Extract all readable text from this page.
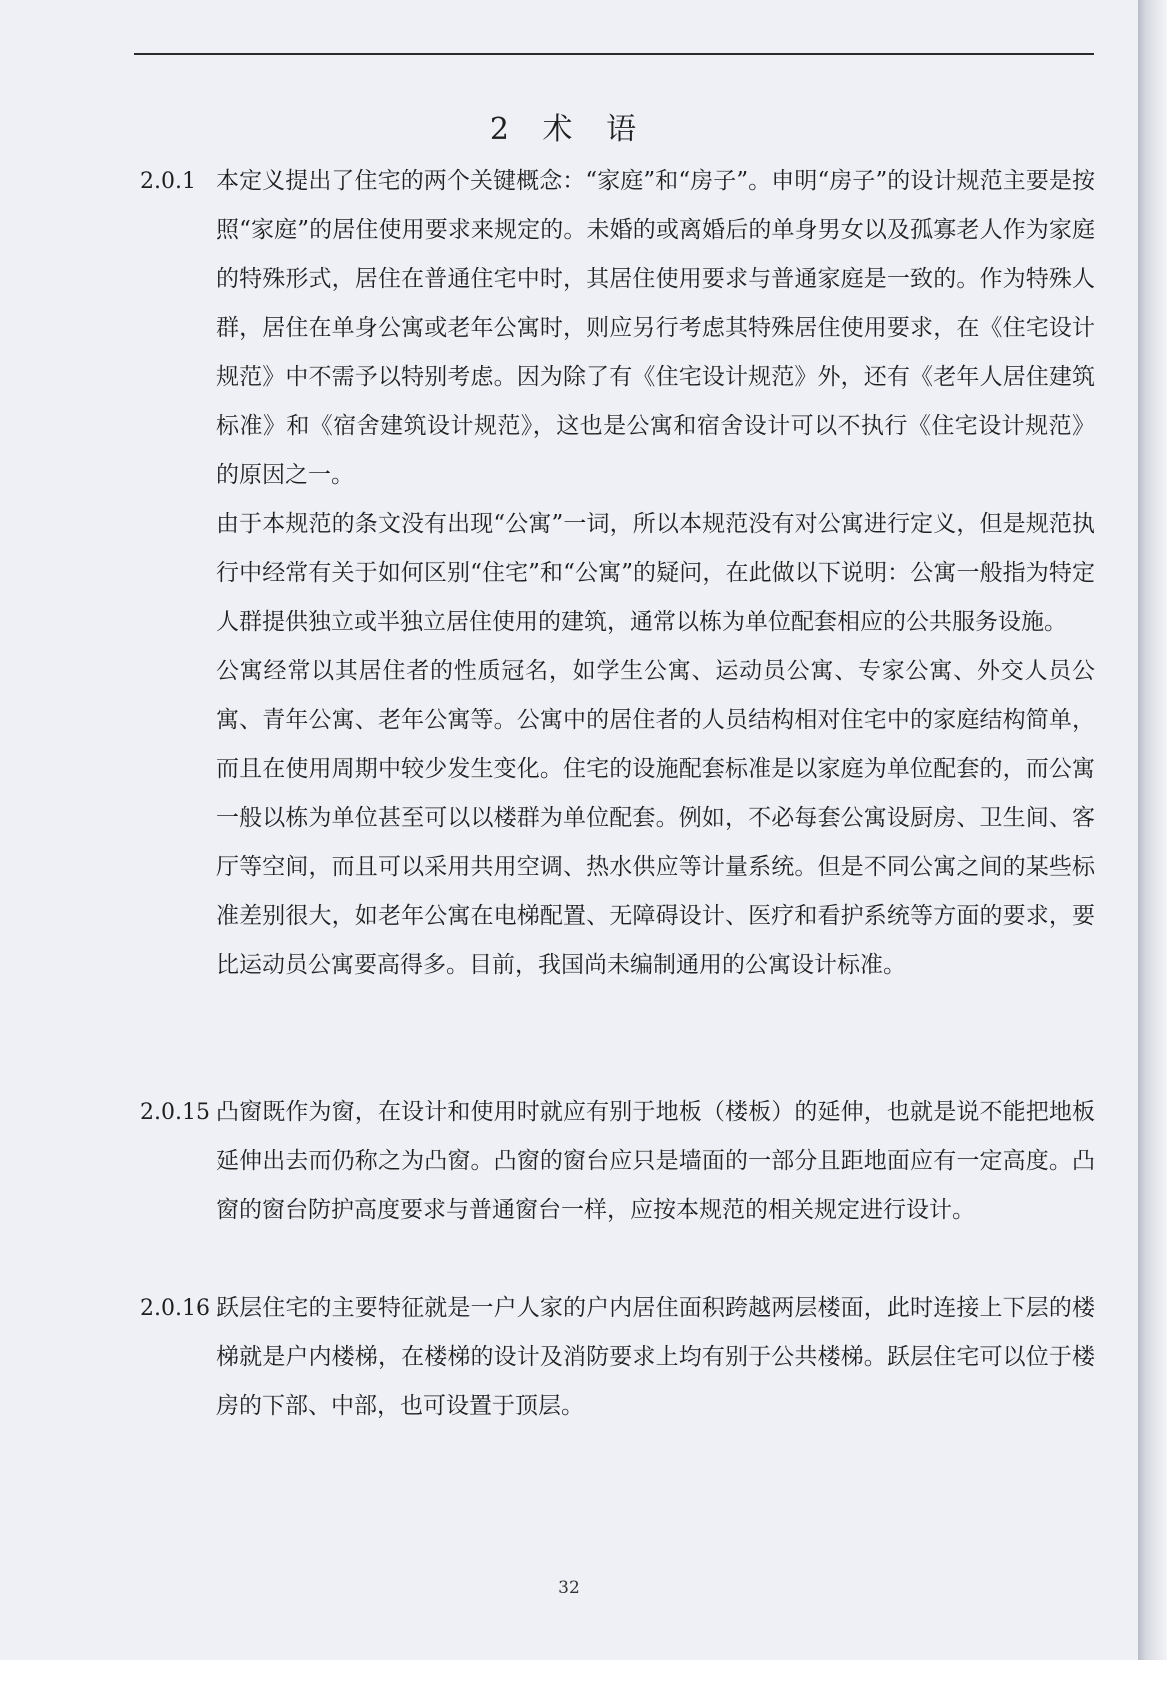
2 术 语
2.0.1 本定义提出了住宅的两个关键概念：“家庭”和“房子”。申明“房子”的设计规范主要是按照“家庭”的居住使用要求来规定的。未婚的或离婚后的单身男女以及孤寡老人作为家庭的特殊形式，居住在普通住宅中时，其居住使用要求与普通家庭是一致的。作为特殊人群，居住在单身公寓或老年公寓时，则应另行考虑其特殊居住使用要求，在《住宅设计规范》中不需予以特别考虑。因为除了有《住宅设计规范》外，还有《老年人居住建筑标准》和《宿舍建筑设计规范》，这也是公寓和宿舍设计可以不执行《住宅设计规范》的原因之一。

由于本规范的条文没有出现“公寓”一词，所以本规范没有对公寓进行定义，但是规范执行中经常有关于如何区别“住宅”和“公寓”的疑问，在此做以下说明：公寓一般指为特定人群提供独立或半独立居住使用的建筑，通常以栋为单位配套相应的公共服务设施。

公寓经常以其居住者的性质冠名，如学生公寓、运动员公寓、专家公寓、外交人员公寓、青年公寓、老年公寓等。公寓中的居住者的人员结构相对住宅中的家庭结构简单，而且在使用周期中较少发生变化。住宅的设施配套标准是以家庭为单位配套的，而公寓一般以栋为单位甚至可以以楼群为单位配套。例如，不必每套公寓设厨房、卫生间、客厅等空间，而且可以采用共用空调、热水供应等计量系统。但是不同公寓之间的某些标准差别很大，如老年公寓在电梯配置、无障碍设计、医疗和看护系统等方面的要求，要比运动员公寓要高得多。目前，我国尚未编制通用的公寓设计标准。

2.0.15 凸窗既作为窗，在设计和使用时就应有别于地板（楼板）的延伸，也就是说不能把地板延伸出去而仍称之为凸窗。凸窗的窗台应只是墙面的一部分且距地面应有一定高度。凸窗的窗台防护高度要求与普通窗台一样，应按本规范的相关规定进行设计。

2.0.16 跃层住宅的主要特征就是一户人家的户内居住面积跨越两层楼面，此时连接上下层的楼梯就是户内楼梯，在楼梯的设计及消防要求上均有别于公共楼梯。跃层住宅可以位于楼房的下部、中部，也可设置于顶层。

32
